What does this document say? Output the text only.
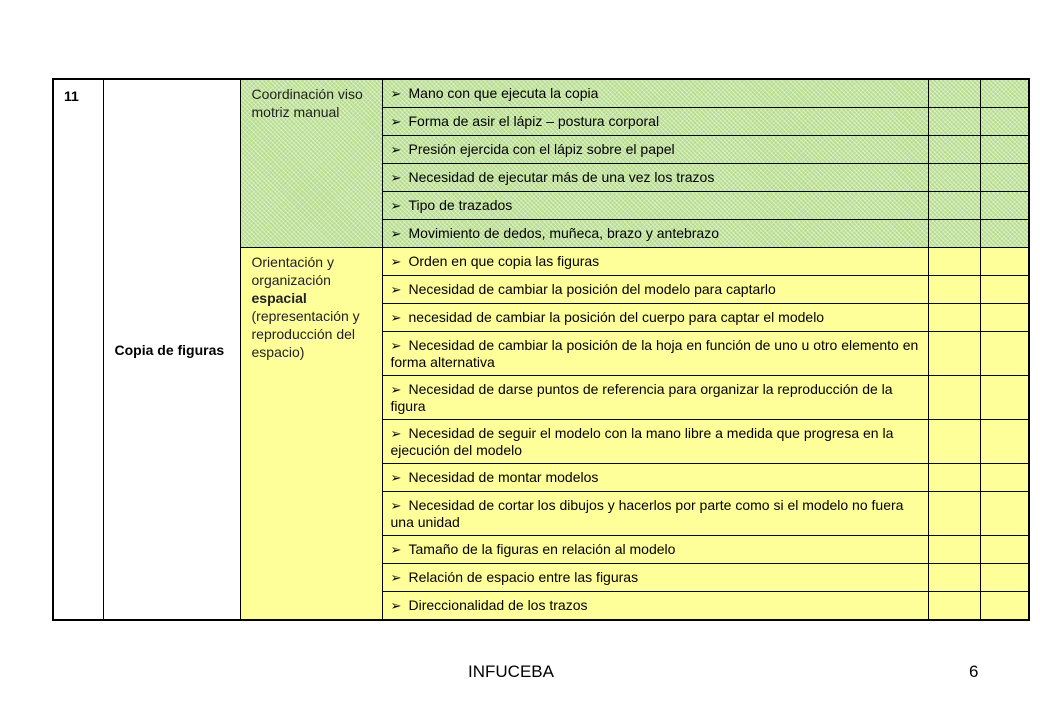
11	Copia de figuras	Coordinación viso motriz manual	➢ Mano con que ejecuta la copia		
			➢ Forma de asir el lápiz – postura corporal		
			➢ Presión ejercida con el lápiz sobre el papel		
			➢ Necesidad de ejecutar más de una vez los trazos		
			➢ Tipo de trazados		
			➢ Movimiento de dedos, muñeca, brazo y antebrazo		
		Orientación y organización espacial (representación y reproducción del espacio)	➢ Orden en que copia las figuras		
			➢ Necesidad de cambiar la posición del modelo para captarlo		
			➢ necesidad de cambiar la posición del cuerpo para captar el modelo		
			➢ Necesidad de cambiar la posición de la hoja en función de uno u otro elemento en forma alternativa		
			➢ Necesidad de darse puntos de referencia para organizar la reproducción de la figura		
			➢ Necesidad de seguir el modelo con la mano libre a medida que progresa en la ejecución del modelo		
			➢ Necesidad de montar modelos		
			➢ Necesidad de cortar los dibujos y hacerlos por parte como si el modelo no fuera una unidad		
			➢ Tamaño de la figuras en relación al modelo		
			➢ Relación de espacio entre las figuras		
			➢ Direccionalidad de los trazos		
INFUCEBA	6
